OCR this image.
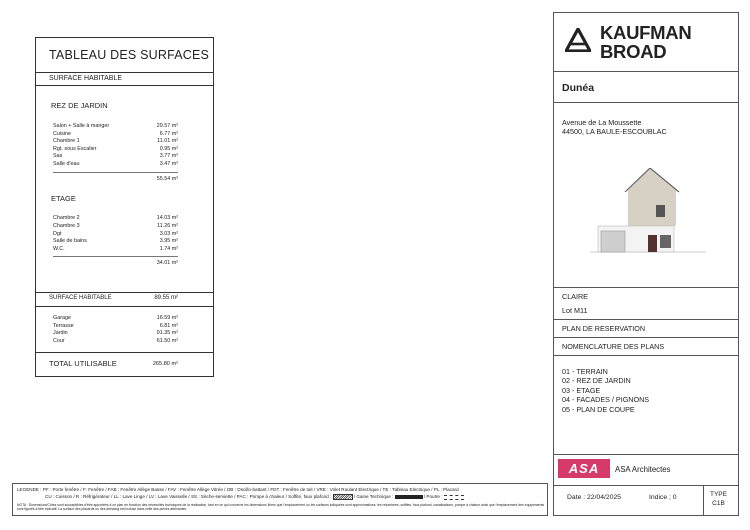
TABLEAU DES SURFACES
SURFACE HABITABLE
REZ DE JARDIN
Salon + Salle à manger	29.57 m²
Cuisine	6.77 m²
Chambre 1	11.01 m²
Rgt. sous Escalier	0.95 m²
Sas	3.77 m²
Salle d'eau	3.47 m²
55.54 m²
ETAGE
Chambre 2	14.03 m²
Chambre 3	11.26 m²
Dgt	3.03 m²
Salle de bains	3.95 m²
W.C.	1.74 m²
34.01 m²
SURFACE HABITABLE	89.55 m²
Garage	16.59 m²
Terrasse	6.81 m²
Jardin	91.35 m²
Cour	61.50 m²
TOTAL UTILISABLE	265.80 m²
KAUFMAN
BROAD
Dunéa
Avenue de La Moussette
44500, LA BAULE-ESCOUBLAC
CLAIRE
Lot M11
PLAN DE RESERVATION
NOMENCLATURE DES PLANS
01 - TERRAIN
02 - REZ DE JARDIN
03 - ETAGE
04 - FACADES / PIGNONS
05 - PLAN DE COUPE
ASA	ASA Architectes
Date : 22/04/2025	Indice ; 0	TYPE
C1B
LEGENDE : PF : Porte fenêtre / F: Fenêtre / FAB : Fenêtre Allège Basse / FAV : Fenêtre Allège Vitrée / OB : Oscillo-battant / FDT : Fenêtre de toit / VRE : Volet Roulant Electrique / TE : Tableau Electrique / PL : Placard
CU : Cuisson / R : Réfrigérateur / LL : Lave Linge / LV : Lave Vaisselle / SS : Sèche-serviette / PAC : Pompe à chaleur / Soffite, faux plafond :	/ Gaine Technique :	/ Poutre :
NOTA : Dimensions/Côtes sont susceptibles d'être apportées à ce plan en fonction des nécessités techniques de la réalisation, tant en ce qui concerne les dimensions libres que l'emplacement ou les surfaces indiquées sont approximatives. les retombées, soffites, faux plafond, canalisations, pompe à chaleur ainsi que l'emplacement des équipements sont figurés à titre indicatif. La surface des placards ou des dressing est incluse dans celle des pièces attenantes.
